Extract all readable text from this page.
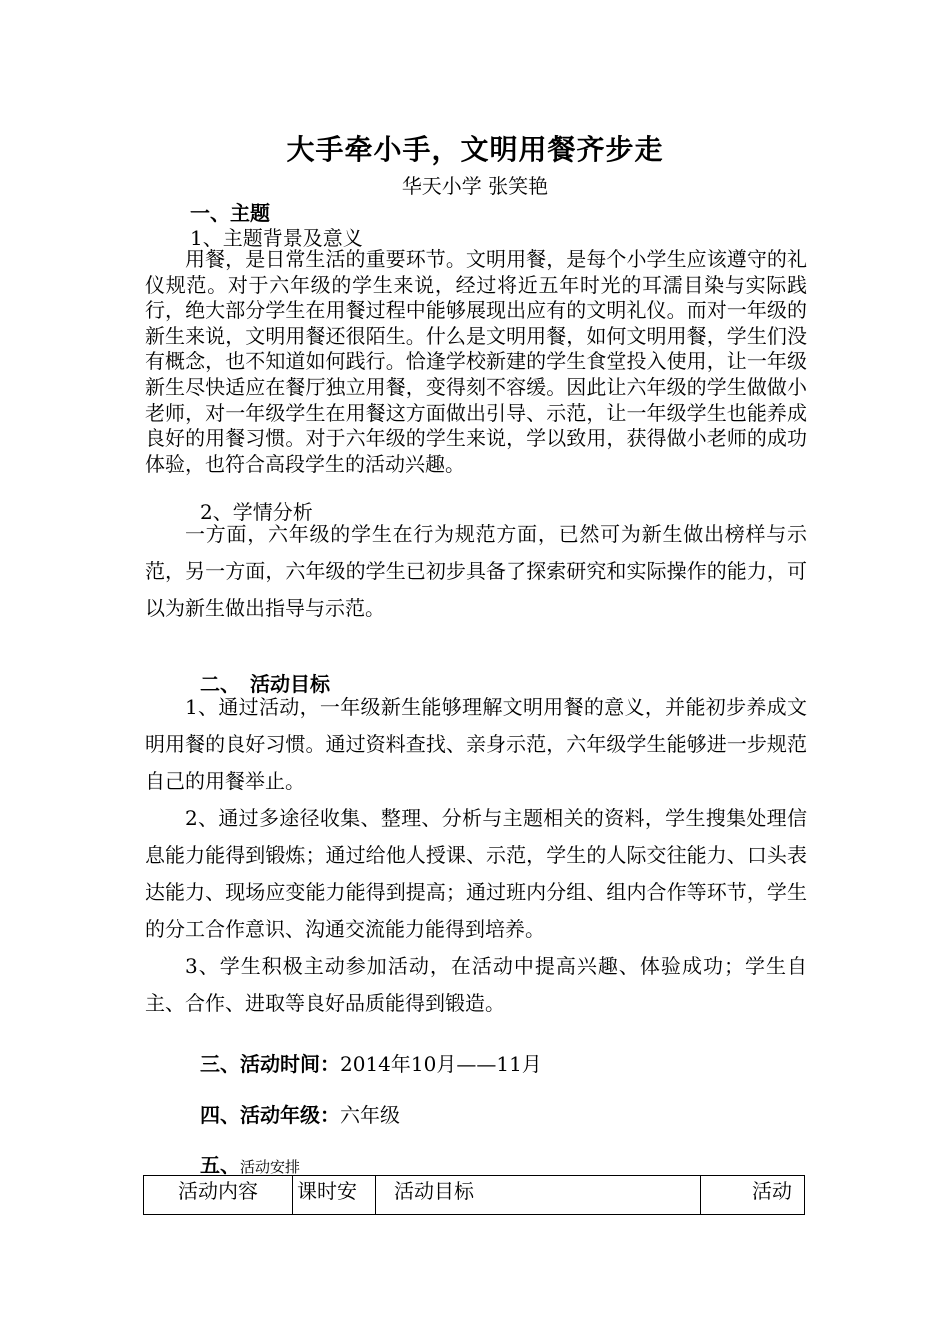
大手牵小手，文明用餐齐步走
华天小学 张笑艳
一、主题
1、主题背景及意义
用餐，是日常生活的重要环节。文明用餐，是每个小学生应该遵守的礼仪规范。对于六年级的学生来说，经过将近五年时光的耳濡目染与实际践行，绝大部分学生在用餐过程中能够展现出应有的文明礼仪。而对一年级的新生来说，文明用餐还很陌生。什么是文明用餐，如何文明用餐，学生们没有概念，也不知道如何践行。恰逢学校新建的学生食堂投入使用，让一年级新生尽快适应在餐厅独立用餐，变得刻不容缓。因此让六年级的学生做做小老师，对一年级学生在用餐这方面做出引导、示范，让一年级学生也能养成良好的用餐习惯。对于六年级的学生来说，学以致用，获得做小老师的成功体验，也符合高段学生的活动兴趣。
2、学情分析
一方面，六年级的学生在行为规范方面，已然可为新生做出榜样与示范，另一方面，六年级的学生已初步具备了探索研究和实际操作的能力，可以为新生做出指导与示范。
二、　活动目标
1、通过活动，一年级新生能够理解文明用餐的意义，并能初步养成文明用餐的良好习惯。通过资料查找、亲身示范，六年级学生能够进一步规范自己的用餐举止。
2、通过多途径收集、整理、分析与主题相关的资料，学生搜集处理信息能力能得到锻炼；通过给他人授课、示范，学生的人际交往能力、口头表达能力、现场应变能力能得到提高；通过班内分组、组内合作等环节，学生的分工合作意识、沟通交流能力能得到培养。
3、学生积极主动参加活动，在活动中提高兴趣、体验成功；学生自主、合作、进取等良好品质能得到锻造。
三、活动时间：2014年10月——11月
四、活动年级：六年级
五、活动安排
活动内容	课时安	活动目标	活动
